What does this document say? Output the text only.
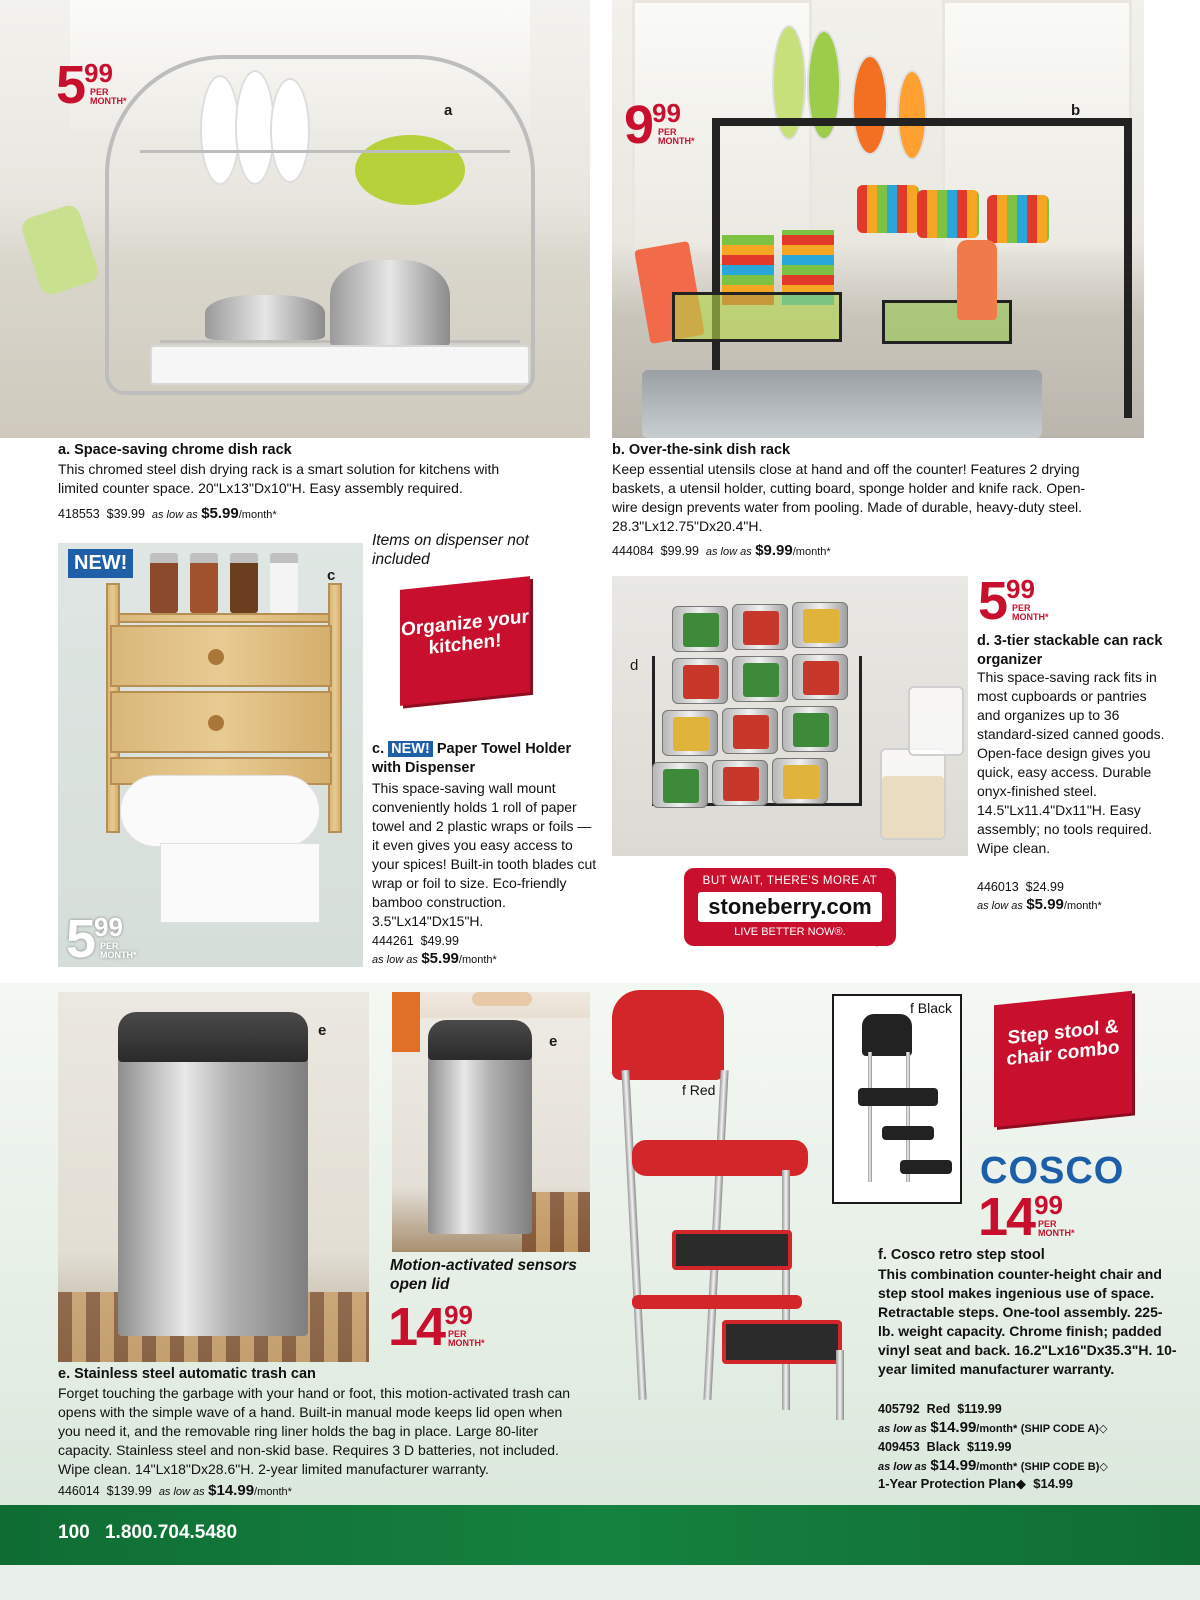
a
599
PER MONTH*
b
999
PER MONTH*
a. Space-saving chrome dish rack
This chromed steel dish drying rack is a smart solution for kitchens with limited counter space. 20"Lx13"Dx10"H. Easy assembly required.
418553 $39.99 as low as $5.99/month*
b. Over-the-sink dish rack
Keep essential utensils close at hand and off the counter! Features 2 drying baskets, a utensil holder, cutting board, sponge holder and knife rack. Open-wire design prevents water from pooling. Made of durable, heavy-duty steel. 28.3"Lx12.75"Dx20.4"H.
444084 $99.99 as low as $9.99/month*
NEW!
c
599
PER MONTH*
Items on dispenser not included
Organize your kitchen!
c. NEW! Paper Towel Holder with Dispenser
This space-saving wall mount conveniently holds 1 roll of paper towel and 2 plastic wraps or foils — it even gives you easy access to your spices! Built-in tooth blades cut wrap or foil to size. Eco-friendly bamboo construction. 3.5"Lx14"Dx15"H.
444261 $49.99
as low as $5.99/month*
d
599
PER MONTH*
d. 3-tier stackable can rack organizer
This space-saving rack fits in most cupboards or pantries and organizes up to 36 standard-sized canned goods. Open-face design gives you quick, easy access. Durable onyx-finished steel. 14.5"Lx11.4"Dx11"H. Easy assembly; no tools required. Wipe clean.
446013 $24.99
as low as $5.99/month*
BUT WAIT, THERE'S MORE AT
stoneberry.com
LIVE BETTER NOW®.
e
e
Motion-activated sensors open lid
1499
PER MONTH*
e. Stainless steel automatic trash can
Forget touching the garbage with your hand or foot, this motion-activated trash can opens with the simple wave of a hand. Built-in manual mode keeps lid open when you need it, and the removable ring liner holds the bag in place. Large 80-liter capacity. Stainless steel and non-skid base. Requires 3 D batteries, not included. Wipe clean. 14"Lx18"Dx28.6"H. 2-year limited manufacturer warranty.
446014 $139.99 as low as $14.99/month*
f Red
f Black
Step stool & chair combo
COSCO
1499
PER MONTH*
f. Cosco retro step stool
This combination counter-height chair and step stool makes ingenious use of space. Retractable steps. One-tool assembly. 225-lb. weight capacity. Chrome finish; padded vinyl seat and back. 16.2"Lx16"Dx35.3"H. 10-year limited manufacturer warranty.
405792 Red $119.99
as low as $14.99/month* (SHIP CODE A)◇
409453 Black $119.99
as low as $14.99/month* (SHIP CODE B)◇
1-Year Protection Plan◆ $14.99
100 1.800.704.5480
